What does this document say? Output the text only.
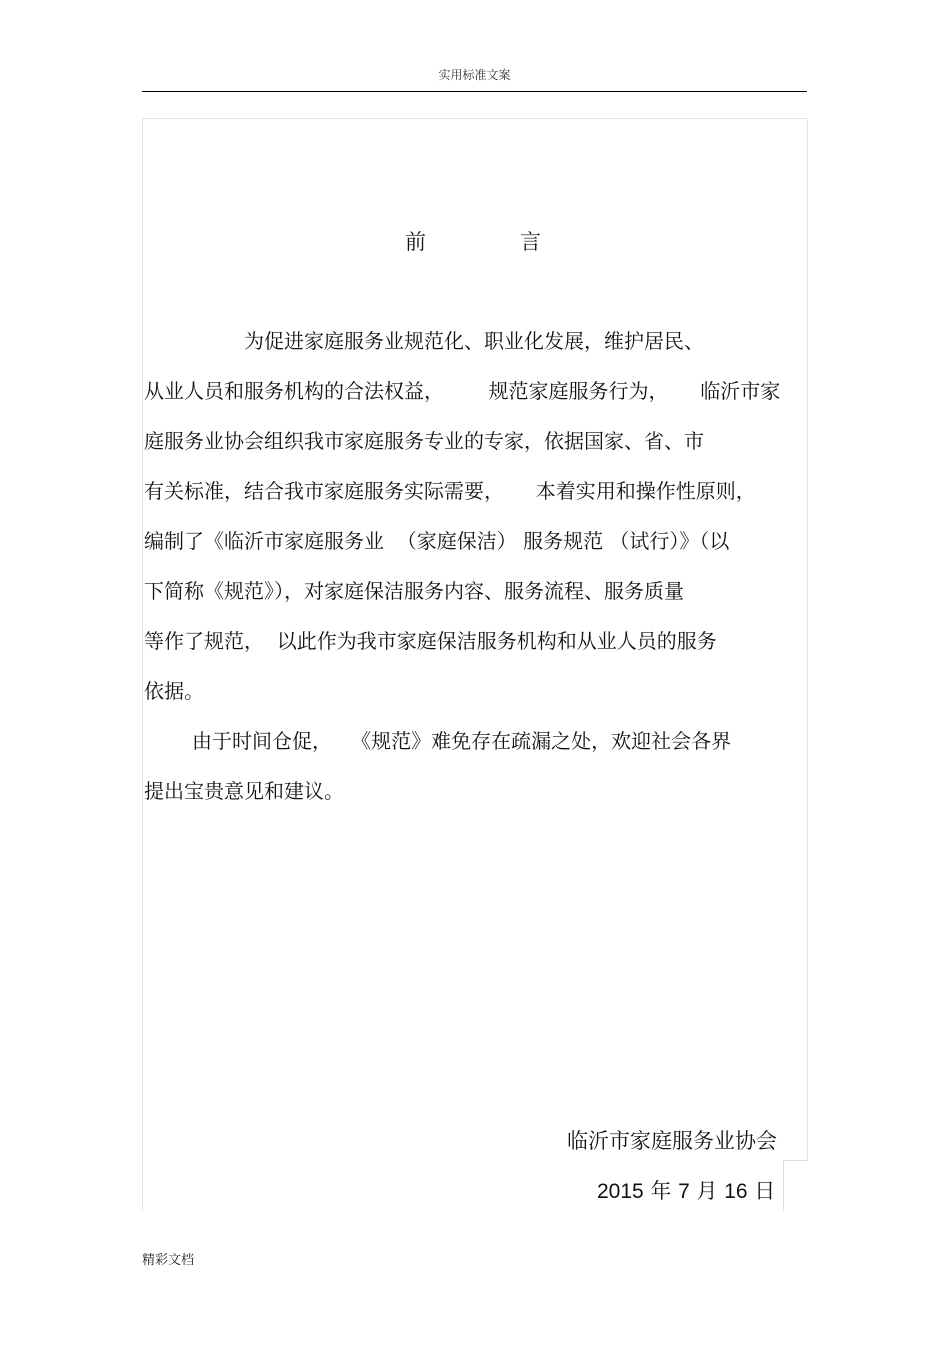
实用标准文案
前	言
为促进家庭服务业规范化、职业化发展，维护居民、
从业人员和服务机构的合法权益，       规范家庭服务行为，     临沂市家
庭服务业协会组织我市家庭服务专业的专家，依据国家、省、市
有关标准，结合我市家庭服务实际需要，     本着实用和操作性原则，
编制了《临沂市家庭服务业  （家庭保洁） 服务规范 （试行）》（以
下简称《规范》），对家庭保洁服务内容、服务流程、服务质量
等作了规范，  以此作为我市家庭保洁服务机构和从业人员的服务
依据。
由于时间仓促，   《规范》难免存在疏漏之处，欢迎社会各界
提出宝贵意见和建议。
临沂市家庭服务业协会
2015 年 7 月 16 日
精彩文档
